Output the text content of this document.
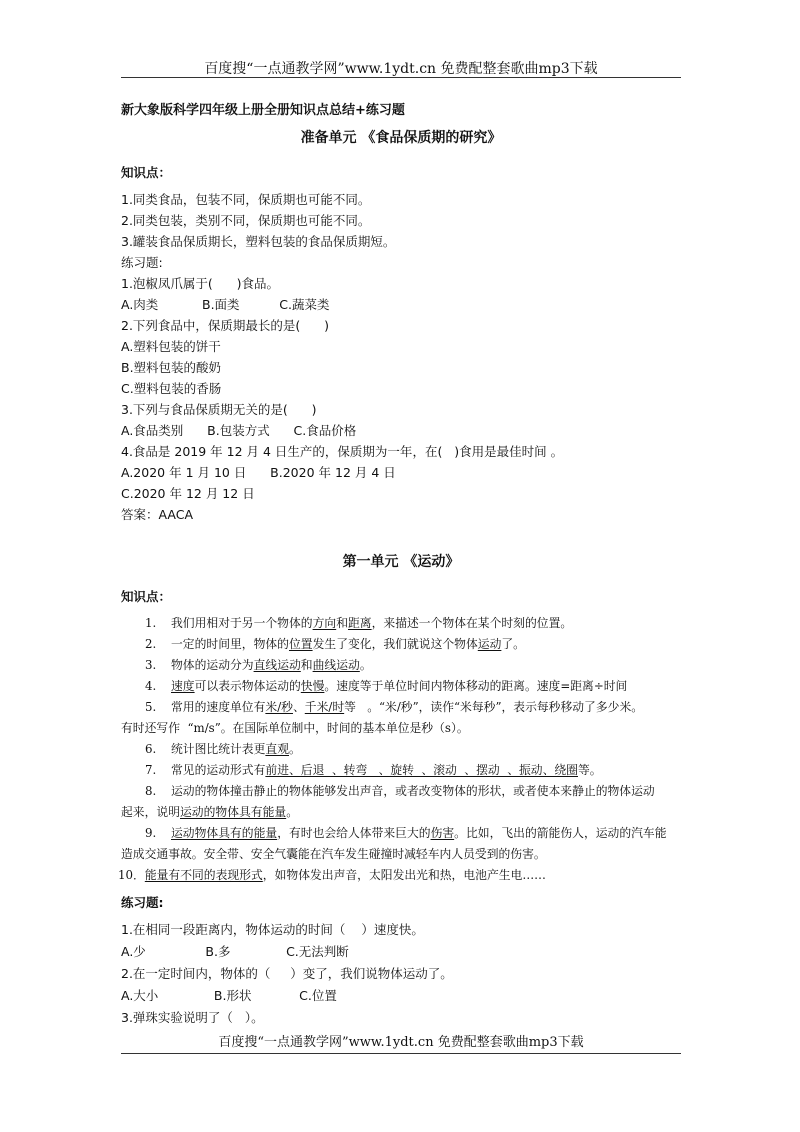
百度搜“一点通教学网”www.1ydt.cn 免费配整套歌曲mp3下载
新大象版科学四年级上册全册知识点总结+练习题
准备单元 《食品保质期的研究》
知识点：
1.同类食品，包装不同，保质期也可能不同。
2.同类包装，类别不同，保质期也可能不同。
3.罐装食品保质期长，塑料包装的食品保质期短。
练习题:
1.泡椒凤爪属于(      )食品。
A.肉类           B.面类          C.蔬菜类
2.下列食品中，保质期最长的是(      )
A.塑料包装的饼干
B.塑料包装的酸奶
C.塑料包装的香肠
3.下列与食品保质期无关的是(      )
A.食品类别      B.包装方式      C.食品价格
4.食品是 2019 年 12 月 4 日生产的，保质期为一年，在(   )食用是最佳时间 。
A.2020 年 1 月 10 日      B.2020 年 12 月 4 日
C.2020 年 12 月 12 日
答案：AACA
第一单元 《运动》
知识点：
1. 我们用相对于另一个物体的方向和距离，来描述一个物体在某个时刻的位置。
2. 一定的时间里，物体的位置发生了变化，我们就说这个物体运动了。
3. 物体的运动分为直线运动和曲线运动。
4. 速度可以表示物体运动的快慢。速度等于单位时间内物体移动的距离。速度=距离÷时间
5. 常用的速度单位有米/秒、千米/时等   。“米/秒”，读作“米每秒”，表示每秒移动了多少米。
有时还写作  “m/s”。在国际单位制中，时间的基本单位是秒（s）。
6. 统计图比统计表更直观。
7. 常见的运动形式有前进、后退  、转弯   、旋转  、滚动  、摆动  、振动、绕圈等。
8. 运动的物体撞击静止的物体能够发出声音，或者改变物体的形状，或者使本来静止的物体运动
起来，说明运动的物体具有能量。
9. 运动物体具有的能量，有时也会给人体带来巨大的伤害。比如，飞出的箭能伤人，运动的汽车能
造成交通事故。安全带、安全气囊能在汽车发生碰撞时减轻车内人员受到的伤害。
10．能量有不同的表现形式，如物体发出声音，太阳发出光和热，电池产生电……
练习题:
1.在相同一段距离内，物体运动的时间（    ）速度快。
A.少               B.多              C.无法判断
2.在一定时间内，物体的（     ）变了，我们说物体运动了。
A.大小              B.形状            C.位置
3.弹珠实验说明了（   ）。
百度搜“一点通教学网”www.1ydt.cn 免费配整套歌曲mp3下载
